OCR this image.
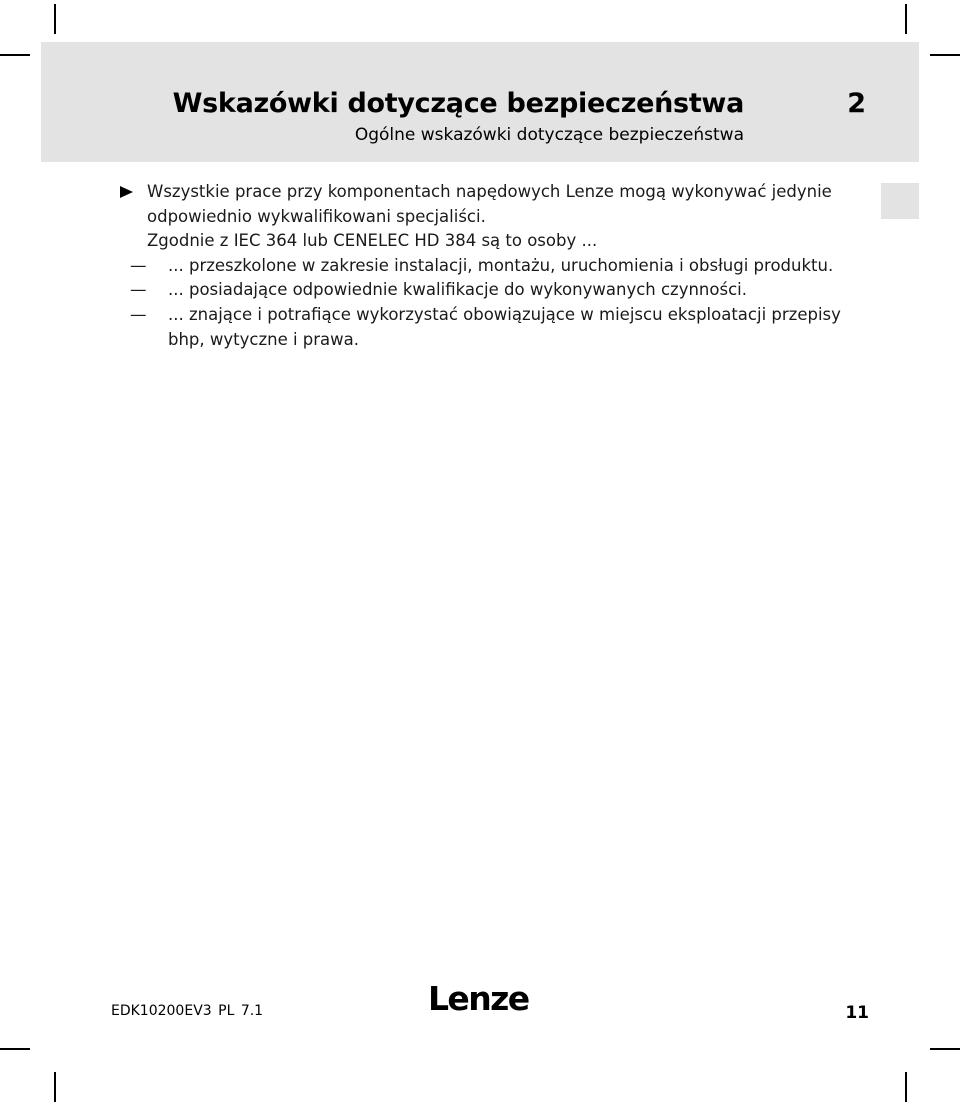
Wskazówki dotyczące bezpieczeństwa	2
Ogólne wskazówki dotyczące bezpieczeństwa
Wszystkie prace przy komponentach napędowych Lenze mogą wykonywać jedynie
odpowiednio wykwalifikowani specjaliści.
Zgodnie z IEC 364 lub CENELEC HD 384 są to osoby ...
—	... przeszkolone w zakresie instalacji, montażu, uruchomienia i obsługi produktu.
—	... posiadające odpowiednie kwalifikacje do wykonywanych czynności.
—	... znające i potrafiące wykorzystać obowiązujące w miejscu eksploatacji przepisy bhp, wytyczne i prawa.
EDK10200EV3 PL 7.1	Lenze	11
